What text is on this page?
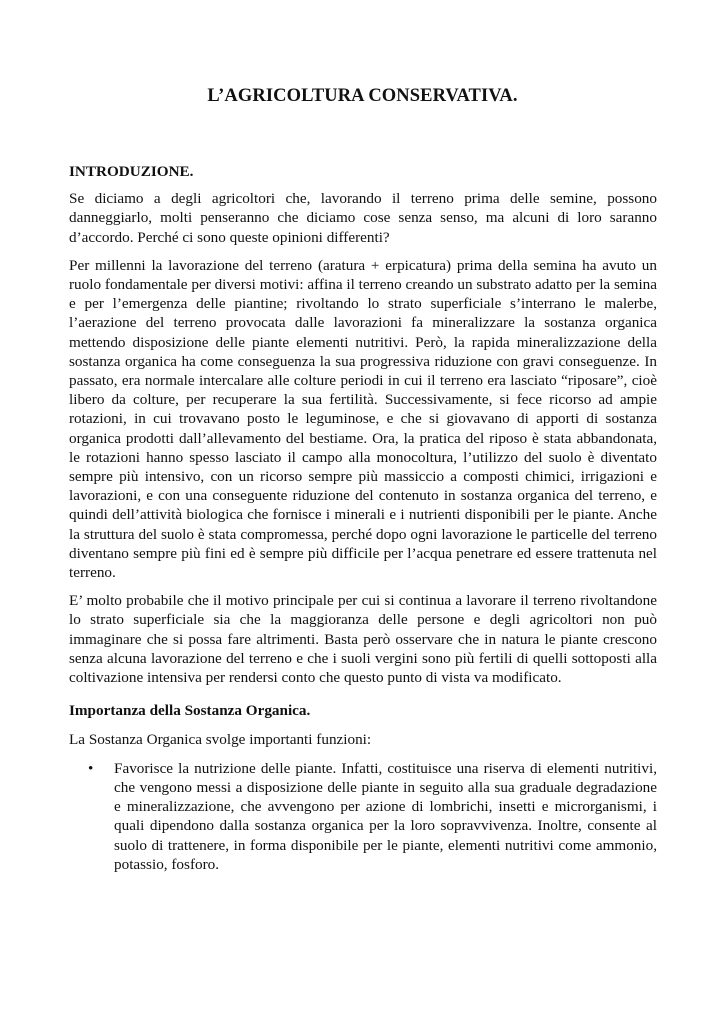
L’AGRICOLTURA CONSERVATIVA.
INTRODUZIONE.

Se diciamo a degli agricoltori che, lavorando il terreno prima delle semine, possono danneggiarlo, molti penseranno che diciamo cose senza senso, ma alcuni di loro saranno d’accordo. Perché ci sono queste opinioni differenti?

Per millenni la lavorazione del terreno (aratura + erpicatura) prima della semina ha avuto un ruolo fondamentale per diversi motivi: affina il terreno creando un substrato adatto per la semina e per l’emergenza delle piantine; rivoltando lo strato superficiale s’interrano le malerbe, l’aerazione del terreno provocata dalle lavorazioni fa mineralizzare la sostanza organica mettendo disposizione delle piante elementi nutritivi. Però, la rapida mineralizzazione della sostanza organica ha come conseguenza la sua progressiva riduzione con gravi conseguenze. In passato, era normale intercalare alle colture periodi in cui il terreno era lasciato “riposare”, cioè libero da colture, per recuperare la sua fertilità. Successivamente, si fece ricorso ad ampie rotazioni, in cui trovavano posto le leguminose, e che si giovavano di apporti di sostanza organica prodotti dall’allevamento del bestiame. Ora, la pratica del riposo è stata abbandonata, le rotazioni hanno spesso lasciato il campo alla monocoltura, l’utilizzo del suolo è diventato sempre più intensivo, con un ricorso sempre più massiccio a composti chimici, irrigazioni e lavorazioni, e con una conseguente riduzione del contenuto in sostanza organica del terreno, e quindi dell’attività biologica che fornisce i minerali e i nutrienti disponibili per le piante. Anche la struttura del suolo è stata compromessa, perché dopo ogni lavorazione le particelle del terreno diventano sempre più fini ed è sempre più difficile per l’acqua penetrare ed essere trattenuta nel terreno.

E’ molto probabile che il motivo principale per cui si continua a lavorare il terreno rivoltandone lo strato superficiale sia che la maggioranza delle persone e degli agricoltori non può immaginare che si possa fare altrimenti. Basta però osservare che in natura le piante crescono senza alcuna lavorazione del terreno e che i suoli vergini sono più fertili di quelli sottoposti alla coltivazione intensiva per rendersi conto che questo punto di vista va modificato.

Importanza della Sostanza Organica.

La Sostanza Organica svolge importanti funzioni:

• Favorisce la nutrizione delle piante. Infatti, costituisce una riserva di elementi nutritivi, che vengono messi a disposizione delle piante in seguito alla sua graduale degradazione e mineralizzazione, che avvengono per azione di lombrichi, insetti e microrganismi, i quali dipendono dalla sostanza organica per la loro sopravvivenza. Inoltre, consente al suolo di trattenere, in forma disponibile per le piante, elementi nutritivi come ammonio, potassio, fosforo.
